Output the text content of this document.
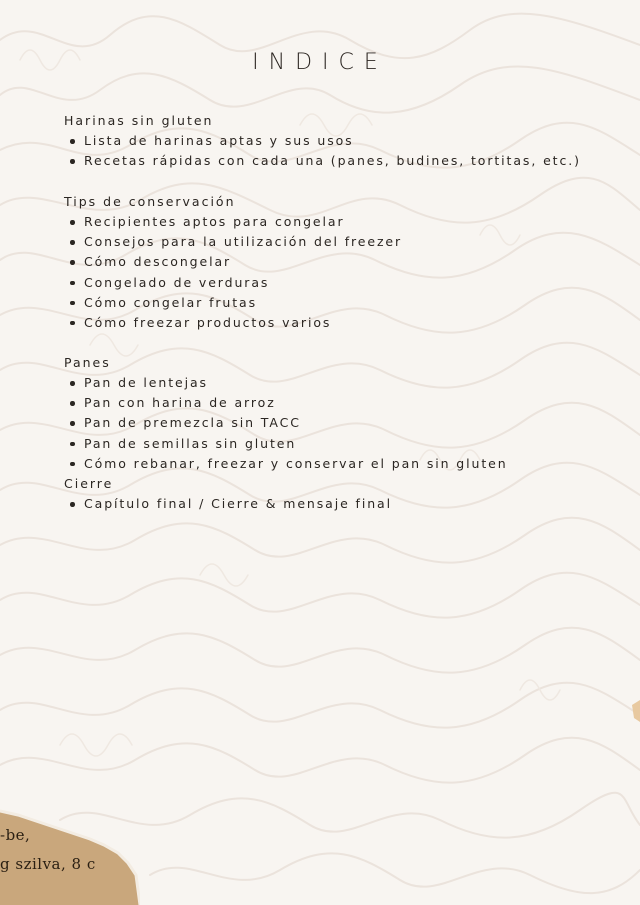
-be,
g szilva, 8 c
INDICE
Harinas sin gluten
Lista de harinas aptas y sus usos
Recetas rápidas con cada una (panes, budines, tortitas, etc.)
Tips de conservación
Recipientes aptos para congelar
Consejos para la utilización del freezer
Cómo descongelar
Congelado de verduras
Cómo congelar frutas
Cómo freezar productos varios
Panes
Pan de lentejas
Pan con harina de arroz
Pan de premezcla sin TACC
Pan de semillas sin gluten
Cómo rebanar, freezar y conservar el pan sin gluten
Cierre
Capítulo final / Cierre & mensaje final
